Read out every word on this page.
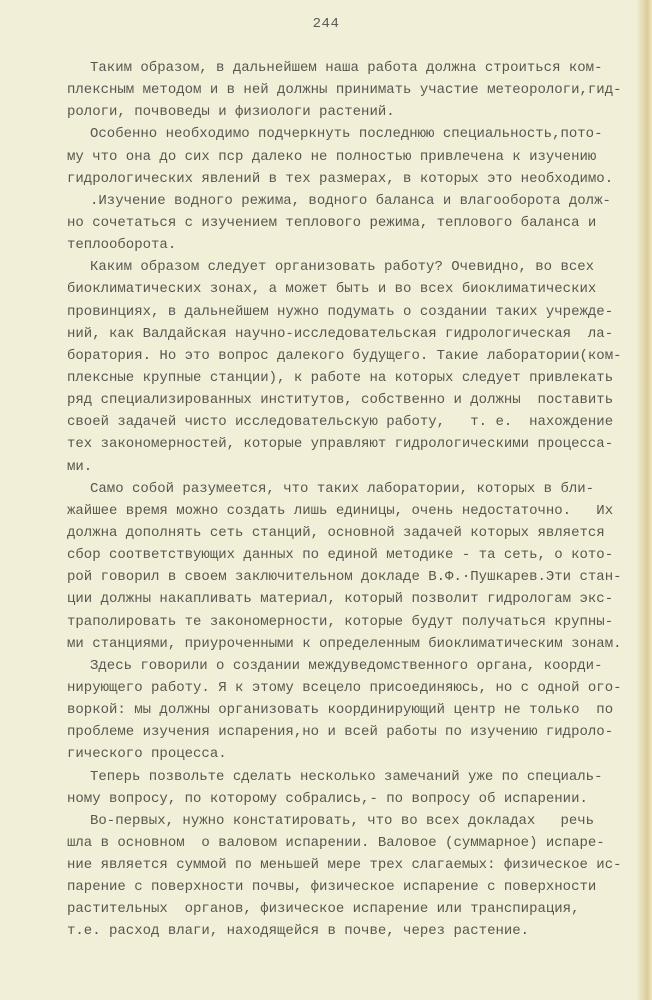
244
Таким образом, в дальнейшем наша работа должна строиться ком-
плексным методом и в ней должны принимать участие метеорологи,гид-
рологи, почвоведы и физиологи растений.
Особенно необходимо подчеркнуть последнюю специальность,пото-
му что она до сих пср далеко не полностью привлечена к изучению
гидрологических явлений в тех размерах, в которых это необходимо.
.Изучение водного режима, водного баланса и влагооборота долж-
но сочетаться с изучением теплового режима, теплового баланса и
теплооборота.
Каким образом следует организовать работу? Очевидно, во всех
биоклиматических зонах, а может быть и во всех биоклиматических
провинциях, в дальнейшем нужно подумать о создании таких учрежде-
ний, как Валдайская научно-исследовательская гидрологическая  ла-
боратория. Но это вопрос далекого будущего. Такие лаборатории(ком-
плексные крупные станции), к работе на которых следует привлекать
ряд специализированных институтов, собственно и должны  поставить
своей задачей чисто исследовательскую работу,   т. е.  нахождение
тех закономерностей, которые управляют гидрологическими процесса-
ми.
Само собой разумеется, что таких лаборатории, которых в бли-
жайшее время можно создать лишь единицы, очень недостаточно.   Их
должна дополнять сеть станций, основной задачей которых является
сбор соответствующих данных по единой методике - та сеть, о кото-
рой говорил в своем заключительном докладе В.Ф.·Пушкарев.Эти стан-
ции должны накапливать материал, который позволит гидрологам экс-
траполировать те закономерности, которые будут получаться крупны-
ми станциями, приуроченными к определенным биоклиматическим зонам.
Здесь говорили о создании междуведомственного органа, коорди-
нирующего работу. Я к этому всецело присоединяюсь, но с одной ого-
воркой: мы должны организовать координирующий центр не только  по
проблеме изучения испарения,но и всей работы по изучению гидроло-
гического процесса.
Теперь позвольте сделать несколько замечаний уже по специаль-
ному вопросу, по которому собрались,- по вопросу об испарении.
Во-первых, нужно констатировать, что во всех докладах   речь
шла в основном  о валовом испарении. Валовое (суммарное) испаре-
ние является суммой по меньшей мере трех слагаемых: физическое ис-
парение с поверхности почвы, физическое испарение с поверхности
растительных  органов, физическое испарение или транспирация,
т.е. расход влаги, находящейся в почве, через растение.
